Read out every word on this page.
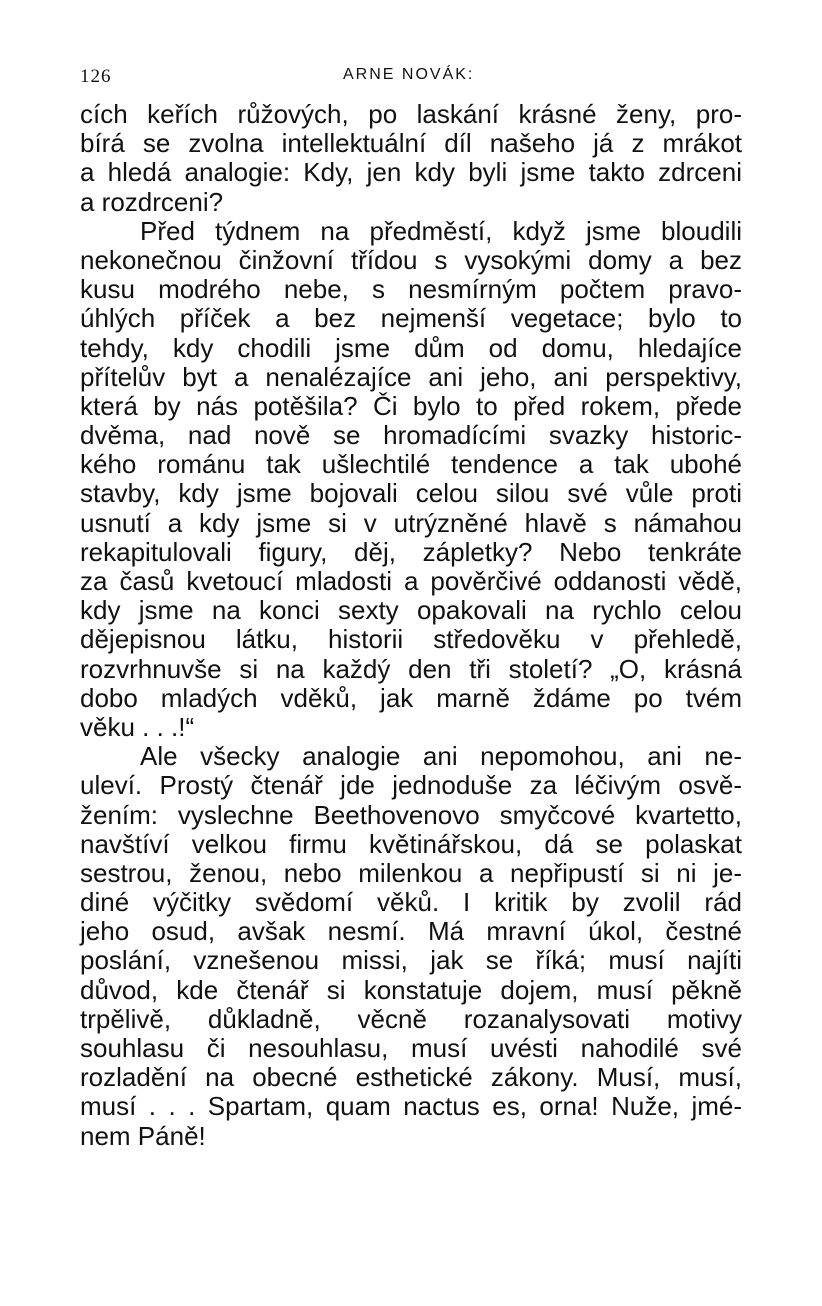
126	ARNE NOVÁK:
cích keřích růžových, po laskání krásné ženy, pro-
bírá se zvolna intellektuální díl našeho já z mrákot
a hledá analogie: Kdy, jen kdy byli jsme takto zdrceni
a rozdrceni?
Před týdnem na předměstí, když jsme bloudili
nekonečnou činžovní třídou s vysokými domy a bez
kusu modrého nebe, s nesmírným počtem pravo-
úhlých příček a bez nejmenší vegetace; bylo to
tehdy, kdy chodili jsme dům od domu, hledajíce
přítelův byt a nenalézajíce ani jeho, ani perspektivy,
která by nás potěšila? Či bylo to před rokem, přede
dvěma, nad nově se hromadícími svazky historic-
kého románu tak ušlechtilé tendence a tak ubohé
stavby, kdy jsme bojovali celou silou své vůle proti
usnutí a kdy jsme si v utrýzněné hlavě s námahou
rekapitulovali figury, děj, zápletky? Nebo tenkráte
za časů kvetoucí mladosti a pověrčivé oddanosti vědě,
kdy jsme na konci sexty opakovali na rychlo celou
dějepisnou látku, historii středověku v přehledě,
rozvrhnuvše si na každý den tři století? „O, krásná
dobo mladých vděků, jak marně ždáme po tvém
věku . . .!“
Ale všecky analogie ani nepomohou, ani ne-
uleví. Prostý čtenář jde jednoduše za léčivým osvě-
žením: vyslechne Beethovenovo smyčcové kvartetto,
navštíví velkou firmu květinářskou, dá se polaskat
sestrou, ženou, nebo milenkou a nepřipustí si ni je-
diné výčitky svědomí věků. I kritik by zvolil rád
jeho osud, avšak nesmí. Má mravní úkol, čestné
poslání, vznešenou missi, jak se říká; musí najíti
důvod, kde čtenář si konstatuje dojem, musí pěkně
trpělivě, důkladně, věcně rozanalysovati motivy
souhlasu či nesouhlasu, musí uvésti nahodilé své
rozladění na obecné esthetické zákony. Musí, musí,
musí . . . Spartam, quam nactus es, orna! Nuže, jmé-
nem Páně!
